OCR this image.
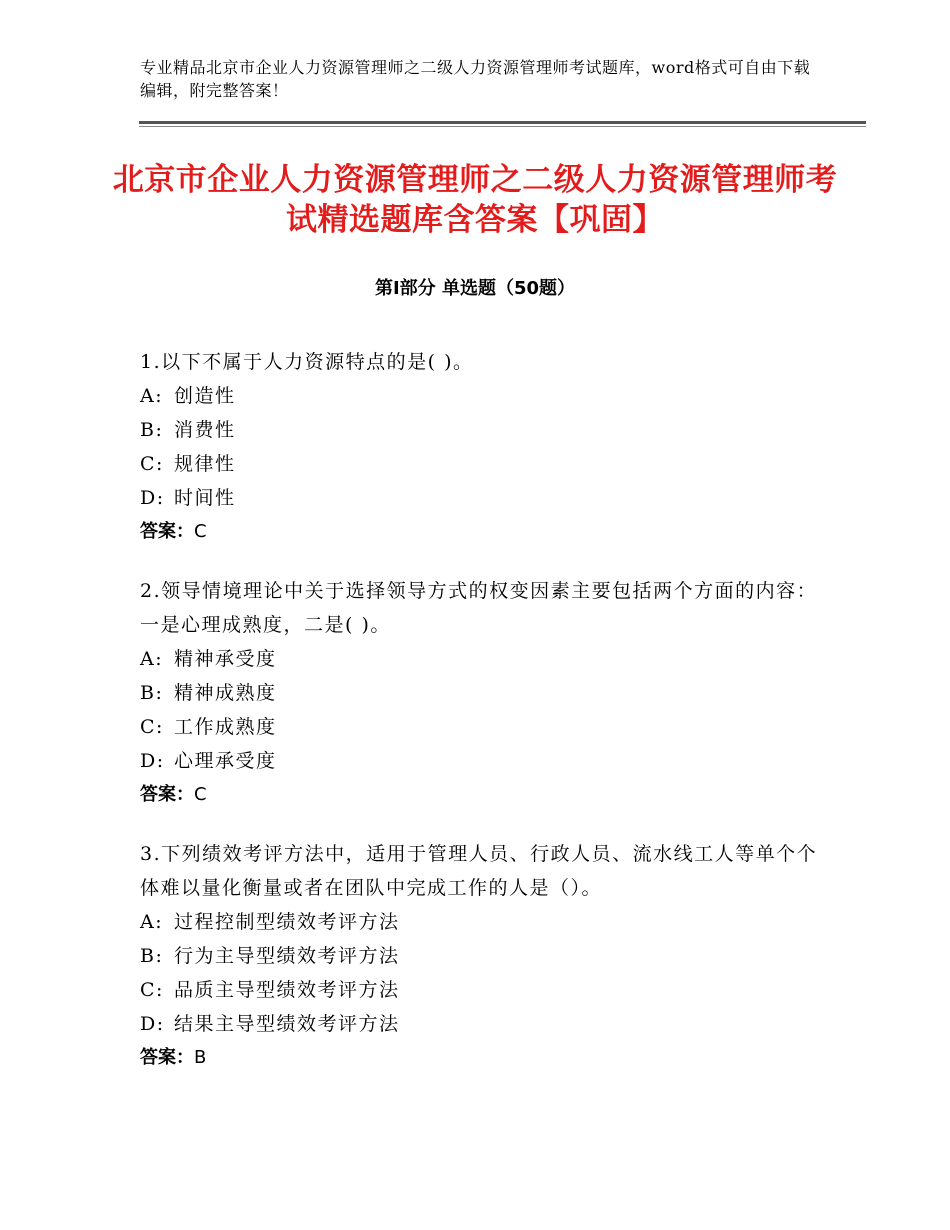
专业精品北京市企业人力资源管理师之二级人力资源管理师考试题库，word格式可自由下载编辑，附完整答案！
北京市企业人力资源管理师之二级人力资源管理师考试精选题库含答案【巩固】
第Ⅰ部分 单选题（50题）
1.以下不属于人力资源特点的是( )。
A: 创造性
B: 消费性
C: 规律性
D: 时间性
答案：C
2.领导情境理论中关于选择领导方式的权变因素主要包括两个方面的内容：一是心理成熟度，二是( )。
A: 精神承受度
B: 精神成熟度
C: 工作成熟度
D: 心理承受度
答案：C
3.下列绩效考评方法中，适用于管理人员、行政人员、流水线工人等单个个体难以量化衡量或者在团队中完成工作的人是（）。
A: 过程控制型绩效考评方法
B: 行为主导型绩效考评方法
C: 品质主导型绩效考评方法
D: 结果主导型绩效考评方法
答案：B
